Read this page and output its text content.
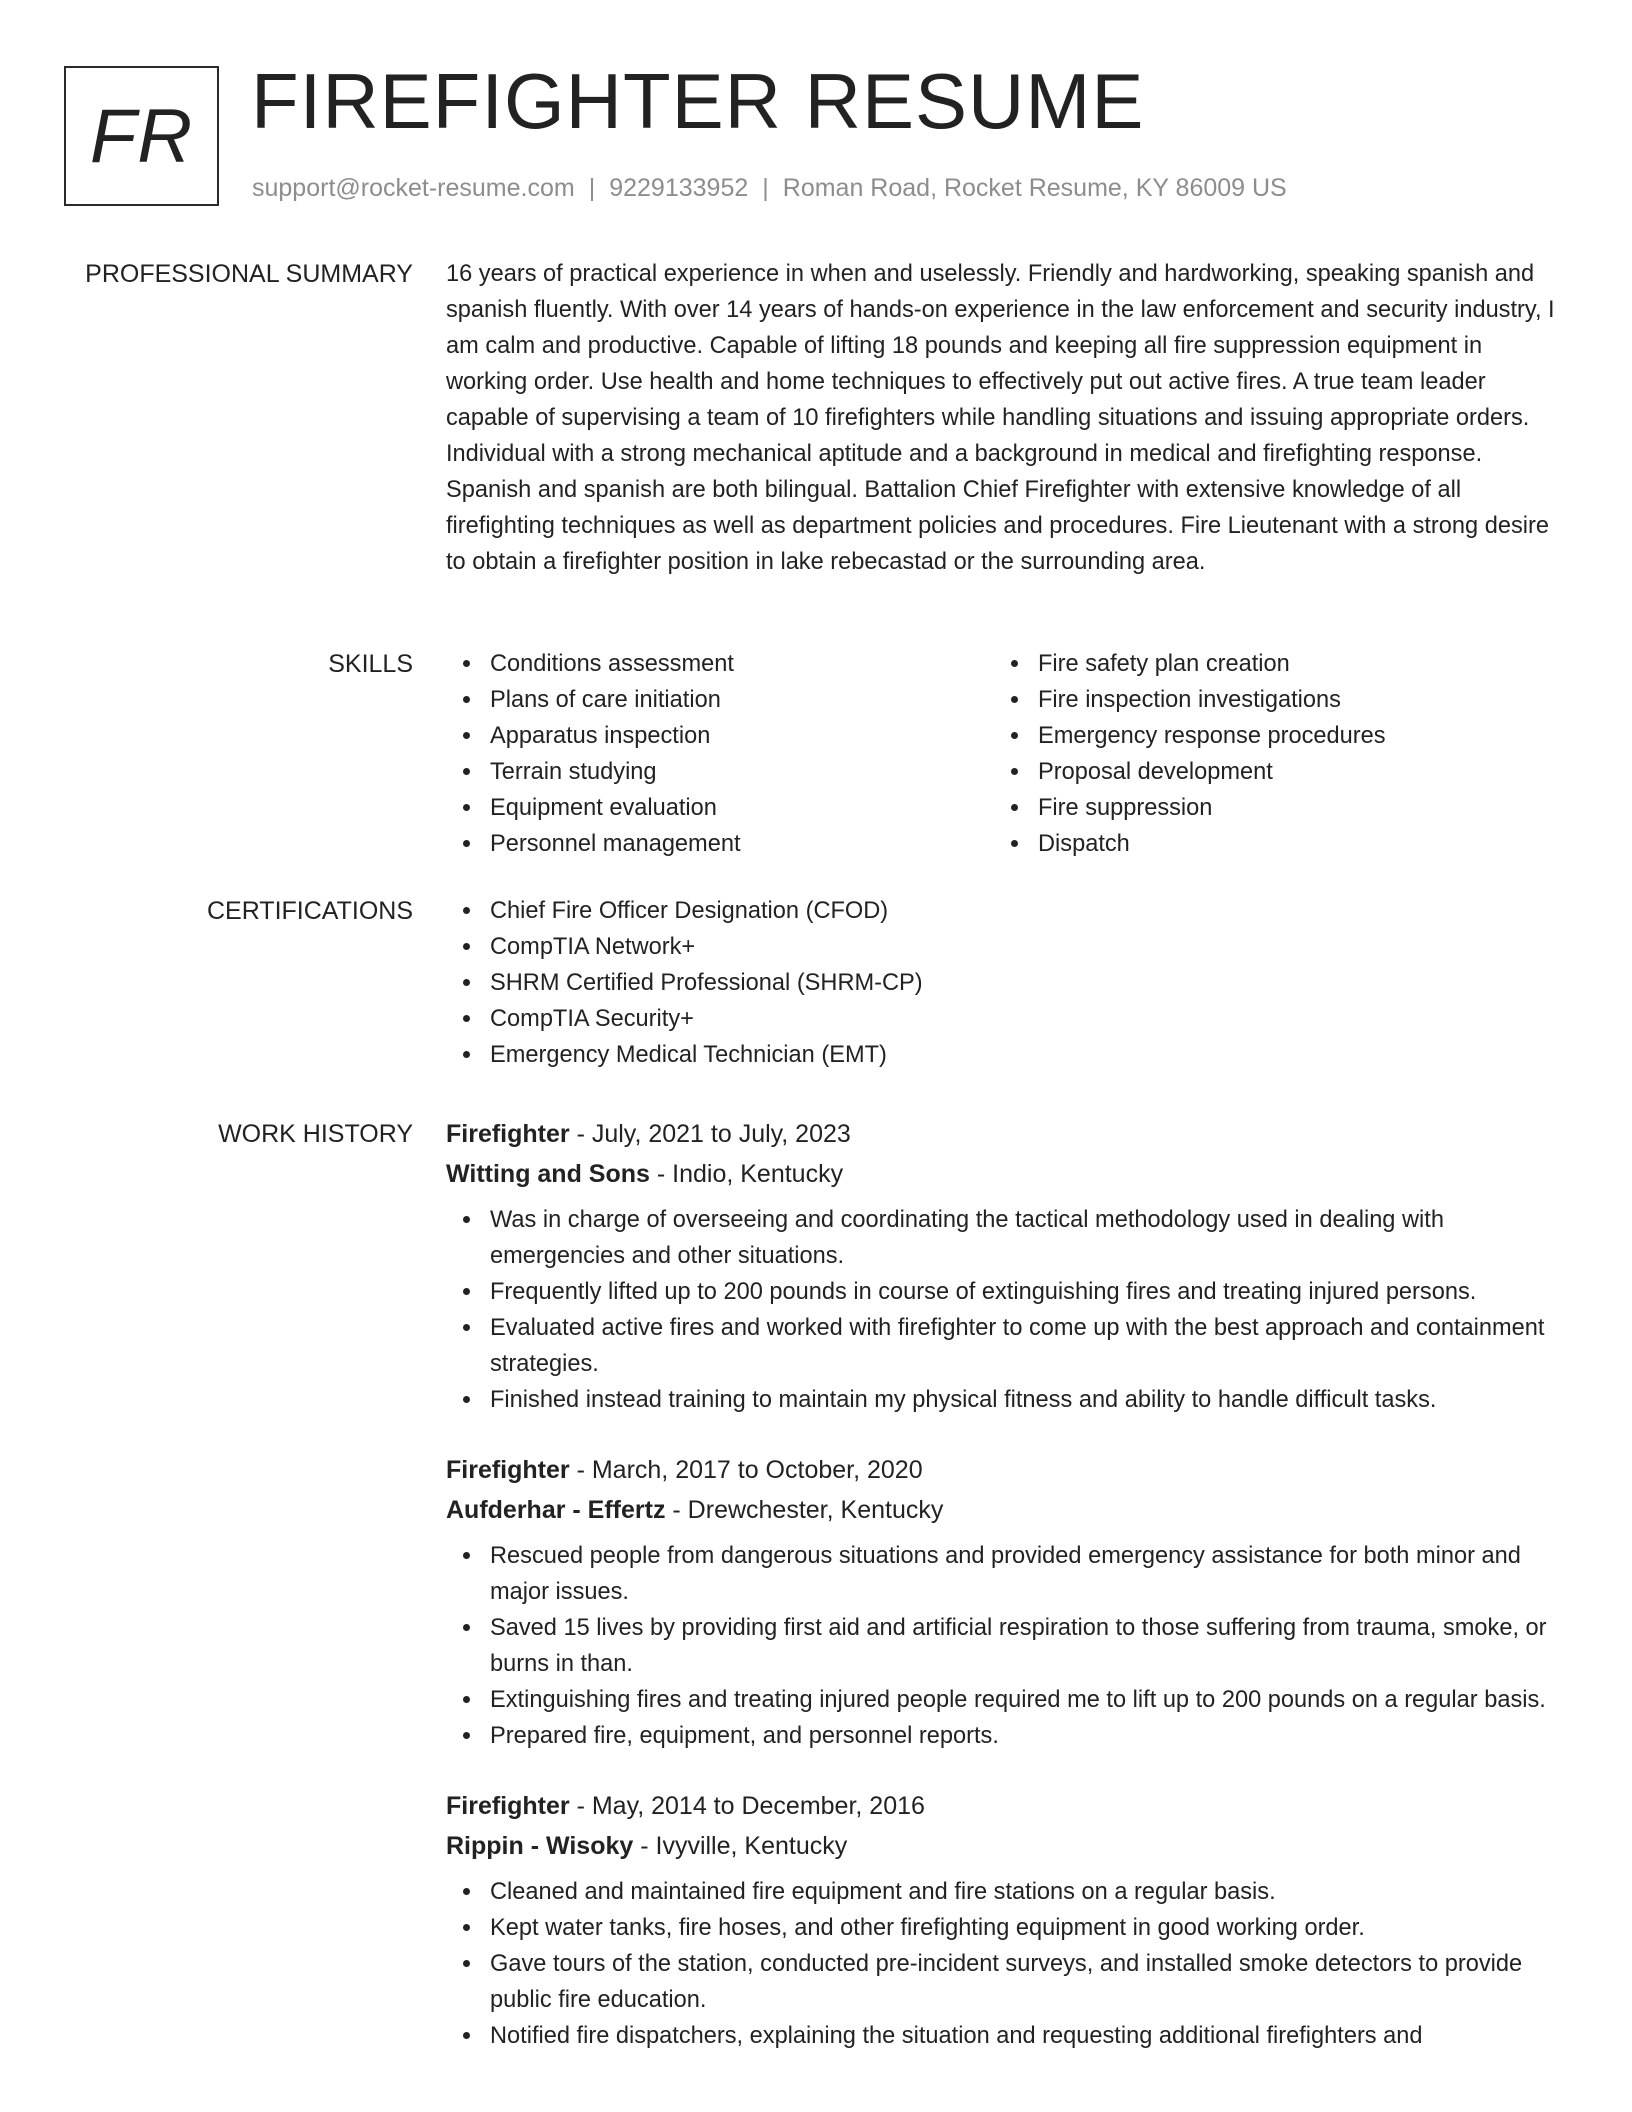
FR FIREFIGHTER RESUME
support@rocket-resume.com | 9229133952 | Roman Road, Rocket Resume, KY 86009 US
PROFESSIONAL SUMMARY 16 years of practical experience in when and uselessly. Friendly and hardworking, speaking spanish and spanish fluently. With over 14 years of hands-on experience in the law enforcement and security industry, I am calm and productive. Capable of lifting 18 pounds and keeping all fire suppression equipment in working order. Use health and home techniques to effectively put out active fires. A true team leader capable of supervising a team of 10 firefighters while handling situations and issuing appropriate orders. Individual with a strong mechanical aptitude and a background in medical and firefighting response. Spanish and spanish are both bilingual. Battalion Chief Firefighter with extensive knowledge of all firefighting techniques as well as department policies and procedures. Fire Lieutenant with a strong desire to obtain a firefighter position in lake rebecastad or the surrounding area.

SKILLS	Conditions assessment
Plans of care initiation
Apparatus inspection
Terrain studying
Equipment evaluation
Personnel management
Fire safety plan creation
Fire inspection investigations
Emergency response procedures
Proposal development
Fire suppression
Dispatch
CERTIFICATIONS	Chief Fire Officer Designation (CFOD)
CompTIA Network+
SHRM Certified Professional (SHRM-CP)
CompTIA Security+
Emergency Medical Technician (EMT)
WORK HISTORY Firefighter - July, 2021 to July, 2023
Witting and Sons - Indio, Kentucky
Was in charge of overseeing and coordinating the tactical methodology used in dealing with emergencies and other situations.
Frequently lifted up to 200 pounds in course of extinguishing fires and treating injured persons.
Evaluated active fires and worked with firefighter to come up with the best approach and containment strategies.
Finished instead training to maintain my physical fitness and ability to handle difficult tasks.
Firefighter - March, 2017 to October, 2020
Aufderhar - Effertz - Drewchester, Kentucky
Rescued people from dangerous situations and provided emergency assistance for both minor and major issues.
Saved 15 lives by providing first aid and artificial respiration to those suffering from trauma, smoke, or burns in than.
Extinguishing fires and treating injured people required me to lift up to 200 pounds on a regular basis.
Prepared fire, equipment, and personnel reports.
Firefighter - May, 2014 to December, 2016
Rippin - Wisoky - Ivyville, Kentucky
Cleaned and maintained fire equipment and fire stations on a regular basis.
Kept water tanks, fire hoses, and other firefighting equipment in good working order.
Gave tours of the station, conducted pre-incident surveys, and installed smoke detectors to provide public fire education.
Notified fire dispatchers, explaining the situation and requesting additional firefighters and
